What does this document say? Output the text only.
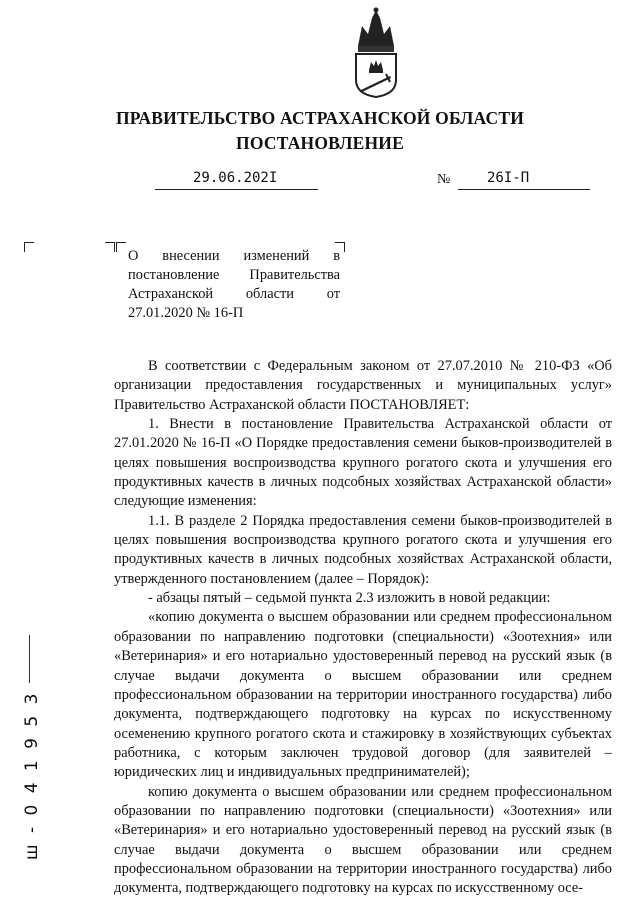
ПРАВИТЕЛЬСТВО АСТРАХАНСКОЙ ОБЛАСТИ
ПОСТАНОВЛЕНИЕ
29.06.202I	№	26I-П
О внесении изменений в постановление Правительства Астраханской области от 27.01.2020 № 16-П

В соответствии с Федеральным законом от 27.07.2010 № 210-ФЗ «Об организации предоставления государственных и муниципальных услуг» Правительство Астраханской области ПОСТАНОВЛЯЕТ:

1. Внести в постановление Правительства Астраханской области от 27.01.2020 № 16-П «О Порядке предоставления семени быков-производителей в целях повышения воспроизводства крупного рогатого скота и улучшения его продуктивных качеств в личных подсобных хозяйствах Астраханской области» следующие изменения:

1.1. В разделе 2 Порядка предоставления семени быков-производителей в целях повышения воспроизводства крупного рогатого скота и улучшения его продуктивных качеств в личных подсобных хозяйствах Астраханской области, утвержденного постановлением (далее – Порядок):

- абзацы пятый – седьмой пункта 2.3 изложить в новой редакции:

«копию документа о высшем образовании или среднем профессиональном образовании по направлению подготовки (специальности) «Зоотехния» или «Ветеринария» и его нотариально удостоверенный перевод на русский язык (в случае выдачи документа о высшем образовании или среднем профессиональном образовании на территории иностранного государства) либо документа, подтверждающего подготовку на курсах по искусственному осеменению крупного рогатого скота и стажировку в хозяйствующих субъектах работника, с которым заключен трудовой договор (для заявителей – юридических лиц и индивидуальных предпринимателей);

копию документа о высшем образовании или среднем профессиональном образовании по направлению подготовки (специальности) «Зоотехния» или «Ветеринария» и его нотариально удостоверенный перевод на русский язык (в случае выдачи документа о высшем образовании или среднем профессиональном образовании на территории иностранного государства) либо документа, подтверждающего подготовку на курсах по искусственному осе-

ш - 0 4 1 9 5 3
